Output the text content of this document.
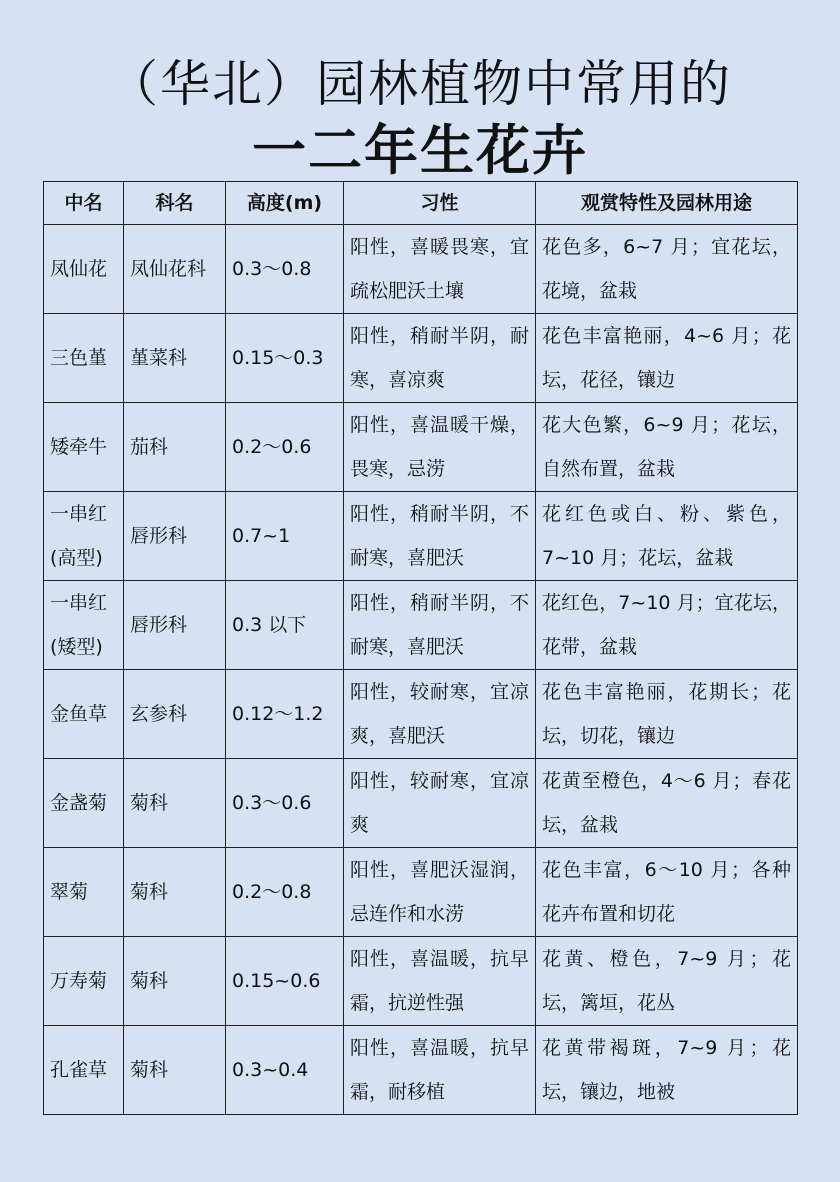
（华北）园林植物中常用的
一二年生花卉
中名	科名	高度(m)	习性	观赏特性及园林用途
凤仙花	凤仙花科	0.3～0.8	阳性，喜暖畏寒，宜疏松肥沃土壤	花色多，6~7 月；宜花坛，花境，盆栽
三色堇	堇菜科	0.15～0.3	阳性，稍耐半阴，耐寒，喜凉爽	花色丰富艳丽，4~6 月；花坛，花径，镶边
矮牵牛	茄科	0.2～0.6	阳性，喜温暖干燥，畏寒，忌涝	花大色繁，6~9 月；花坛，自然布置，盆栽
一串红(高型)	唇形科	0.7~1	阳性，稍耐半阴，不耐寒，喜肥沃	花红色或白、粉、紫色，7~10 月；花坛，盆栽
一串红(矮型)	唇形科	0.3 以下	阳性，稍耐半阴，不耐寒，喜肥沃	花红色，7~10 月；宜花坛，花带，盆栽
金鱼草	玄参科	0.12～1.2	阳性，较耐寒，宜凉爽，喜肥沃	花色丰富艳丽，花期长；花坛，切花，镶边
金盏菊	菊科	0.3～0.6	阳性，较耐寒，宜凉爽	花黄至橙色，4～6 月；春花坛，盆栽
翠菊	菊科	0.2～0.8	阳性，喜肥沃湿润，忌连作和水涝	花色丰富，6～10 月；各种花卉布置和切花
万寿菊	菊科	0.15~0.6	阳性，喜温暖，抗早霜，抗逆性强	花黄、橙色，7~9 月；花坛，篱垣，花丛
孔雀草	菊科	0.3~0.4	阳性，喜温暖，抗早霜，耐移植	花黄带褐斑，7~9 月；花坛，镶边，地被
